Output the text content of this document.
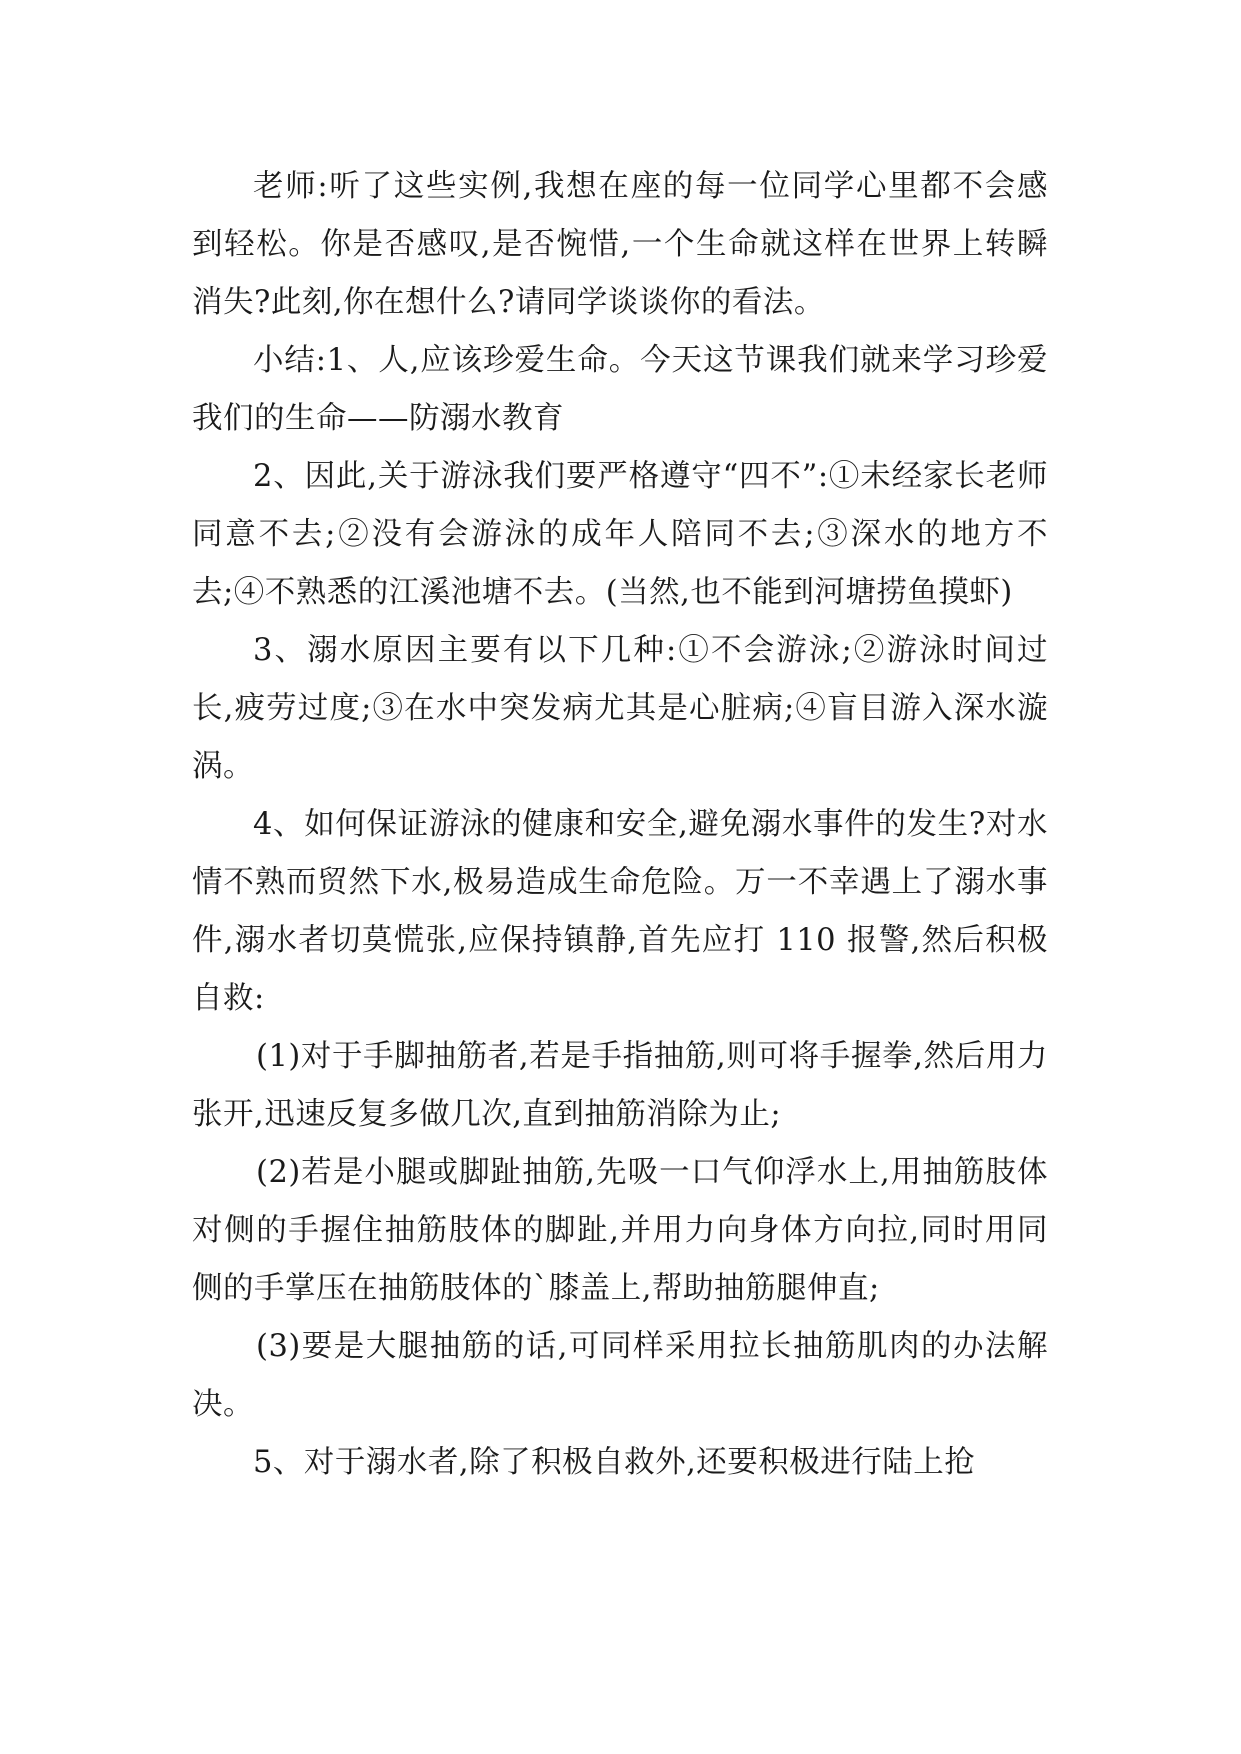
老师:听了这些实例,我想在座的每一位同学心里都不会感到轻松。你是否感叹,是否惋惜,一个生命就这样在世界上转瞬消失?此刻,你在想什么?请同学谈谈你的看法。

小结:1、人,应该珍爱生命。今天这节课我们就来学习珍爱我们的生命——防溺水教育

2、因此,关于游泳我们要严格遵守“四不”:①未经家长老师同意不去;②没有会游泳的成年人陪同不去;③深水的地方不去;④不熟悉的江溪池塘不去。(当然,也不能到河塘捞鱼摸虾)

3、溺水原因主要有以下几种:①不会游泳;②游泳时间过长,疲劳过度;③在水中突发病尤其是心脏病;④盲目游入深水漩涡。

4、如何保证游泳的健康和安全,避免溺水事件的发生?对水情不熟而贸然下水,极易造成生命危险。万一不幸遇上了溺水事件,溺水者切莫慌张,应保持镇静,首先应打 110 报警,然后积极自救:

(1)对于手脚抽筋者,若是手指抽筋,则可将手握拳,然后用力张开,迅速反复多做几次,直到抽筋消除为止;

(2)若是小腿或脚趾抽筋,先吸一口气仰浮水上,用抽筋肢体对侧的手握住抽筋肢体的脚趾,并用力向身体方向拉,同时用同侧的手掌压在抽筋肢体的`膝盖上,帮助抽筋腿伸直;

(3)要是大腿抽筋的话,可同样采用拉长抽筋肌肉的办法解决。

5、对于溺水者,除了积极自救外,还要积极进行陆上抢
